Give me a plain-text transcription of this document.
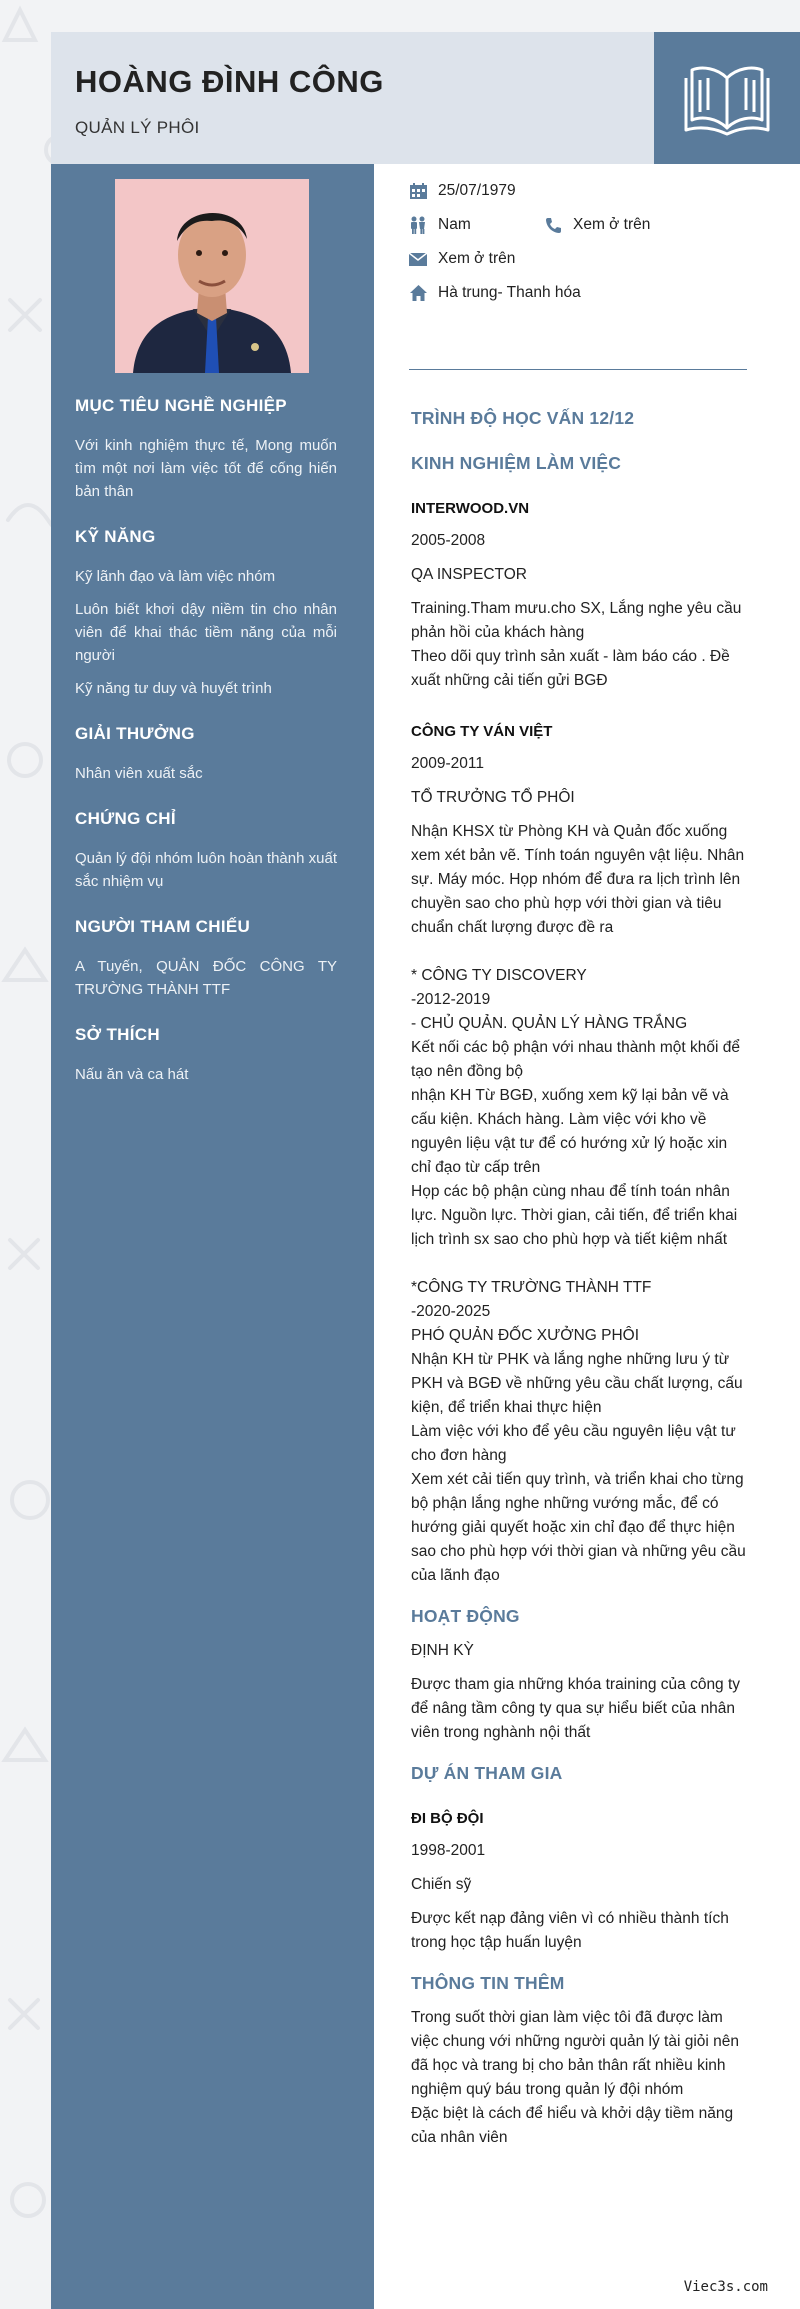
HOÀNG ĐÌNH CÔNG
QUẢN LÝ PHÔI
MỤC TIÊU NGHỀ NGHIỆP
Với kinh nghiệm thực tế, Mong muốn tìm một nơi làm việc tốt để cống hiến bản thân
KỸ NĂNG
Kỹ lãnh đạo và làm việc nhóm
Luôn biết khơi dậy niềm tin cho nhân viên để khai thác tiềm năng của mỗi người
Kỹ năng tư duy và huyết trình
GIẢI THƯỞNG
Nhân viên xuất sắc
CHỨNG CHỈ
Quản lý đội nhóm luôn hoàn thành xuất sắc nhiệm vụ
NGƯỜI THAM CHIẾU
A Tuyến, QUẢN ĐỐC CÔNG TY TRƯỜNG THÀNH TTF
SỞ THÍCH
Nấu ăn và ca hát
25/07/1979
Nam	Xem ở trên
Xem ở trên
Hà trung- Thanh hóa
TRÌNH ĐỘ HỌC VẤN 12/12
KINH NGHIỆM LÀM VIỆC
INTERWOOD.VN
2005-2008
QA INSPECTOR
Training.Tham mưu.cho SX, Lắng nghe yêu cầu phản hồi của khách hàng
Theo dõi quy trình sản xuất - làm báo cáo . Đề xuất những cải tiến gửi BGĐ
CÔNG TY VÁN VIỆT
2009-2011
TỔ TRƯỞNG TỔ PHÔI
Nhận KHSX từ Phòng KH và Quản đốc xuống xem xét bản vẽ. Tính toán nguyên vật liệu. Nhân sự. Máy móc. Họp nhóm để đưa ra lịch trình lên chuyền sao cho phù hợp với thời gian và tiêu chuẩn chất lượng được đề ra

* CÔNG TY DISCOVERY
-2012-2019
- CHỦ QUẢN. QUẢN LÝ HÀNG TRẮNG
Kết nối các bộ phận với nhau thành một khối để tạo nên đồng bộ
nhận KH Từ BGĐ, xuống xem kỹ lại bản vẽ và cấu kiện. Khách hàng. Làm việc với kho về nguyên liệu vật tư để có hướng xử lý hoặc xin chỉ đạo từ cấp trên
Họp các bộ phận cùng nhau để tính toán nhân lực. Nguồn lực. Thời gian, cải tiến, để triển khai lịch trình sx sao cho phù hợp và tiết kiệm nhất

*CÔNG TY TRƯỜNG THÀNH TTF
-2020-2025
PHÓ QUẢN ĐỐC XƯỞNG PHÔI
Nhận KH từ PHK và lắng nghe những lưu ý từ PKH và BGĐ về những yêu cầu chất lượng, cấu kiện, để triển khai thực hiện
Làm việc với kho để yêu cầu nguyên liệu vật tư cho đơn hàng
Xem xét cải tiến quy trình, và triển khai cho từng bộ phận lắng nghe những vướng mắc, để có hướng giải quyết hoặc xin chỉ đạo để thực hiện sao cho phù hợp với thời gian và những yêu cầu của lãnh đạo
HOẠT ĐỘNG
ĐỊNH KỲ
Được tham gia những khóa training của công ty để nâng tầm công ty qua sự hiểu biết của nhân viên trong nghành nội thất
DỰ ÁN THAM GIA
ĐI BỘ ĐỘI
1998-2001
Chiến sỹ
Được kết nạp đảng viên vì có nhiều thành tích trong học tập huấn luyện
THÔNG TIN THÊM
Trong suốt thời gian làm việc tôi đã được làm việc chung với những người quản lý tài giỏi nên đã học và trang bị cho bản thân rất nhiều kinh nghiệm quý báu trong quản lý đội nhóm
Đặc biệt là cách để hiểu và khởi dậy tiềm năng của nhân viên
Viec3s.com
